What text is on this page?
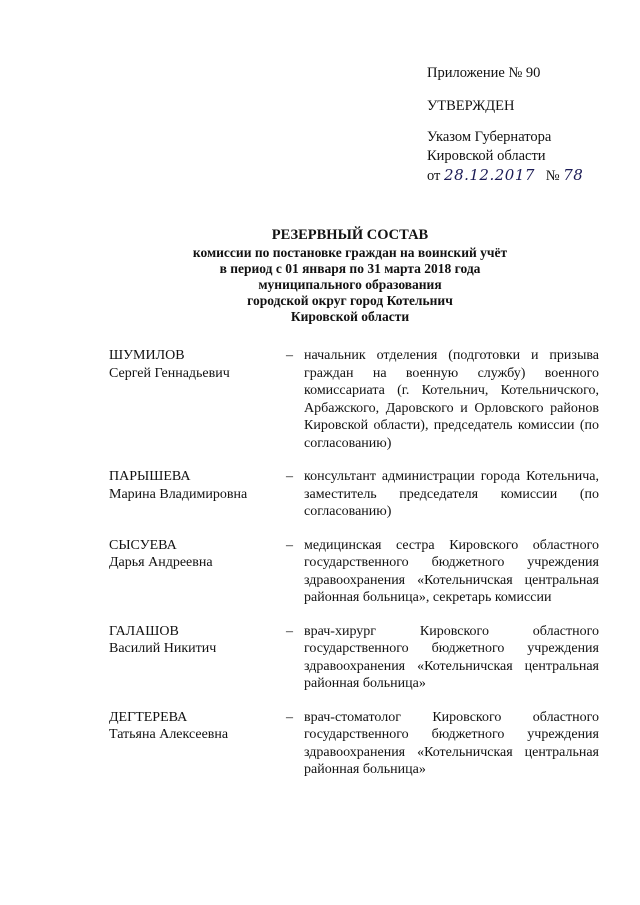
Приложение № 90
УТВЕРЖДЕН
Указом Губернатора
Кировской области
от 28.12.2017 № 78
РЕЗЕРВНЫЙ СОСТАВ
комиссии по постановке граждан на воинский учёт
в период с 01 января по 31 марта 2018 года
муниципального образования
городской округ город Котельнич
Кировской области
ШУМИЛОВ
Сергей Геннадьевич
– начальник отделения (подготовки и призыва граждан на военную службу) военного комиссариата (г. Котельнич, Котельничского, Арбажского, Даровского и Орловского районов Кировской области), председатель комиссии (по согласованию)
ПАРЫШЕВА
Марина Владимировна
– консультант администрации города Котельнича, заместитель председателя комиссии (по согласованию)
СЫСУЕВА
Дарья Андреевна
– медицинская сестра Кировского областного государственного бюджетного учреждения здравоохранения «Котельничская центральная районная больница», секретарь комиссии
ГАЛАШОВ
Василий Никитич
– врач-хирург Кировского областного государственного бюджетного учреждения здравоохранения «Котельничская центральная районная больница»
ДЕГТЕРЕВА
Татьяна Алексеевна
– врач-стоматолог Кировского областного государственного бюджетного учреждения здравоохранения «Котельничская центральная районная больница»
